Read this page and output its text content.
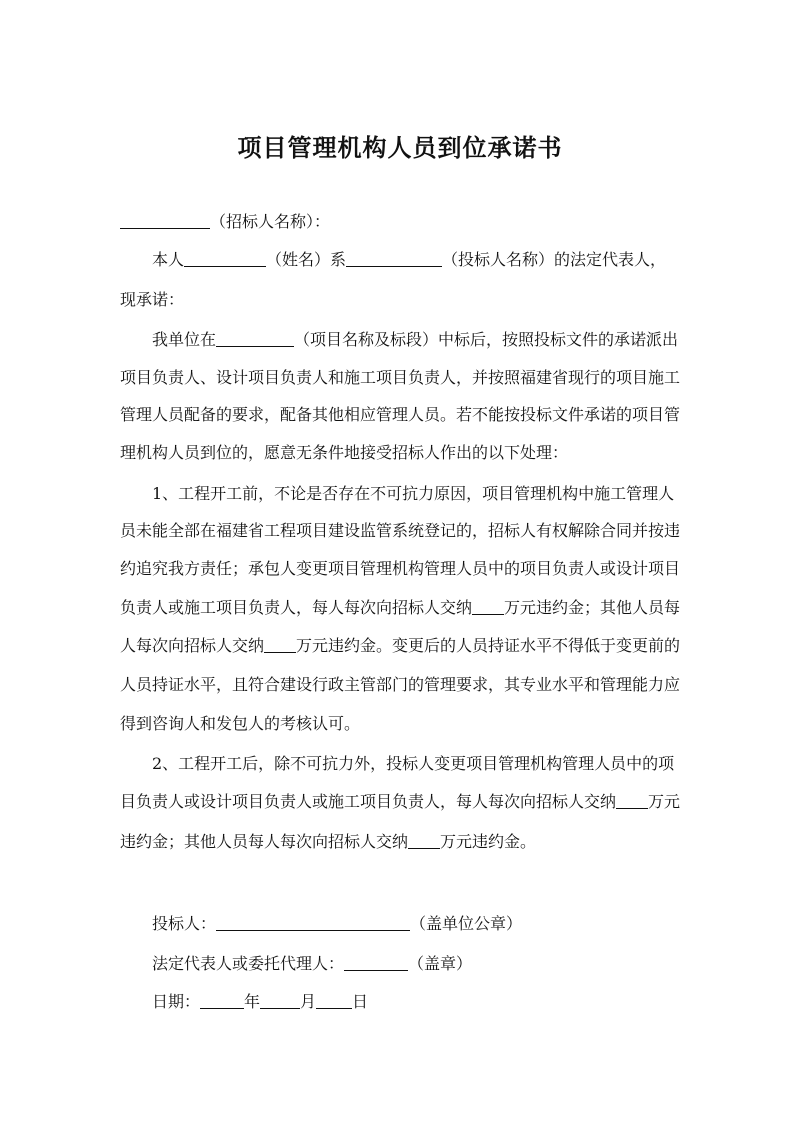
项目管理机构人员到位承诺书
（招标人名称）：
本人	（姓名）系	（投标人名称）的法定代表人，
现承诺：
我单位在	（项目名称及标段）中标后，按照投标文件的承诺派出
项目负责人、设计项目负责人和施工项目负责人，并按照福建省现行的项目施工
管理人员配备的要求，配备其他相应管理人员。若不能按投标文件承诺的项目管
理机构人员到位的，愿意无条件地接受招标人作出的以下处理：
1、工程开工前，不论是否存在不可抗力原因，项目管理机构中施工管理人
员未能全部在福建省工程项目建设监管系统登记的，招标人有权解除合同并按违
约追究我方责任；承包人变更项目管理机构管理人员中的项目负责人或设计项目
负责人或施工项目负责人，每人每次向招标人交纳 万元违约金；其他人员每
人每次向招标人交纳 万元违约金。变更后的人员持证水平不得低于变更前的
人员持证水平，且符合建设行政主管部门的管理要求，其专业水平和管理能力应
得到咨询人和发包人的考核认可。
2、工程开工后，除不可抗力外，投标人变更项目管理机构管理人员中的项
目负责人或设计项目负责人或施工项目负责人，每人每次向招标人交纳 万元
违约金；其他人员每人每次向招标人交纳 万元违约金。
投标人：	（盖单位公章）
法定代表人或委托代理人：	（盖章）
日期：	年	月 日
